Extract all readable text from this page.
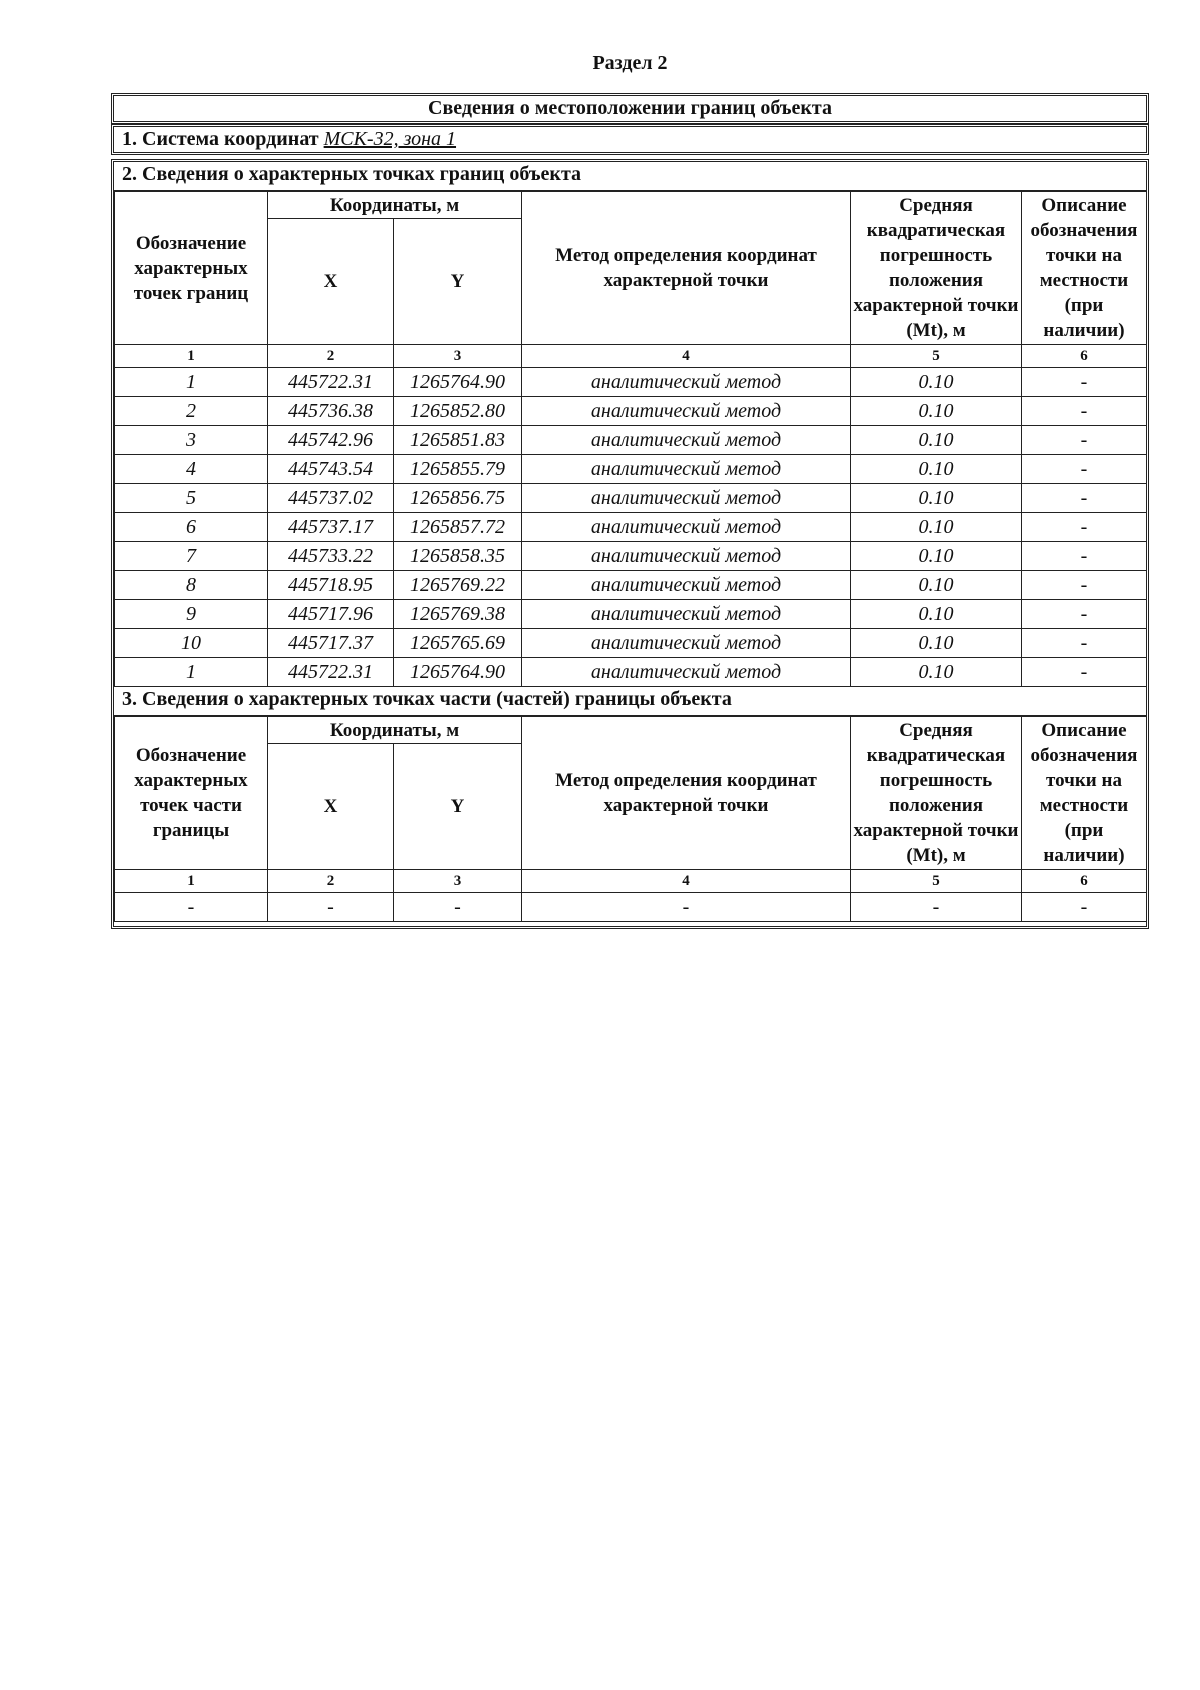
Раздел 2
Сведения о местоположении границ объекта
1. Система координат МСК-32, зона 1
2. Сведения о характерных точках границ объекта
Обозначение характерных точек границ	Координаты, м		Метод определения координат характерной точки	Средняя квадратическая погрешность положения характерной точки (Mt), м	Описание обозначения точки на местности (при наличии)
	X	Y			
1	2	3	4	5	6
1	445722.31	1265764.90	аналитический метод	0.10	-
2	445736.38	1265852.80	аналитический метод	0.10	-
3	445742.96	1265851.83	аналитический метод	0.10	-
4	445743.54	1265855.79	аналитический метод	0.10	-
5	445737.02	1265856.75	аналитический метод	0.10	-
6	445737.17	1265857.72	аналитический метод	0.10	-
7	445733.22	1265858.35	аналитический метод	0.10	-
8	445718.95	1265769.22	аналитический метод	0.10	-
9	445717.96	1265769.38	аналитический метод	0.10	-
10	445717.37	1265765.69	аналитический метод	0.10	-
1	445722.31	1265764.90	аналитический метод	0.10	-
3. Сведения о характерных точках части (частей) границы объекта
Обозначение характерных точек части границы	Координаты, м		Метод определения координат характерной точки	Средняя квадратическая погрешность положения характерной точки (Mt), м	Описание обозначения точки на местности (при наличии)
	X	Y			
1	2	3	4	5	6
-	-	-	-	-	-
